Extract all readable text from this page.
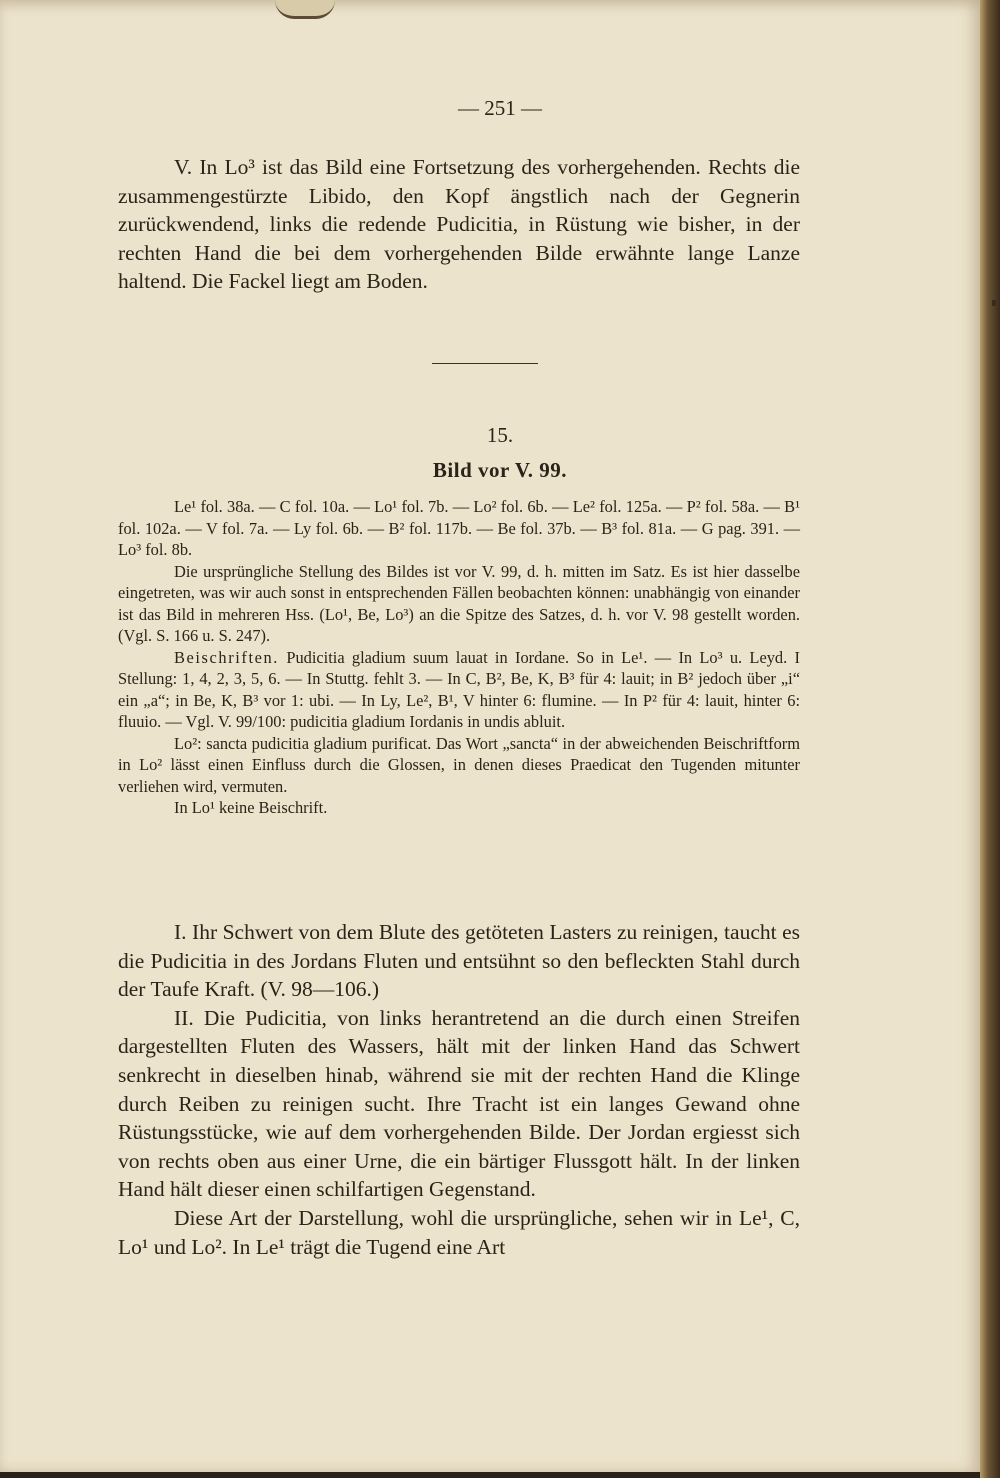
— 251 —

V. In Lo³ ist das Bild eine Fortsetzung des vorhergehenden. Rechts die zusammengestürzte Libido, den Kopf ängstlich nach der Gegnerin zurückwendend, links die redende Pudicitia, in Rüstung wie bisher, in der rechten Hand die bei dem vorhergehenden Bilde erwähnte lange Lanze haltend. Die Fackel liegt am Boden.

15.
Bild vor V. 99.

Le¹ fol. 38a. — C fol. 10a. — Lo¹ fol. 7b. — Lo² fol. 6b. — Le² fol. 125a. — P² fol. 58a. — B¹ fol. 102a. — V fol. 7a. — Ly fol. 6b. — B² fol. 117b. — Be fol. 37b. — B³ fol. 81a. — G pag. 391. — Lo³ fol. 8b.

Die ursprüngliche Stellung des Bildes ist vor V. 99, d. h. mitten im Satz. Es ist hier dasselbe eingetreten, was wir auch sonst in entsprechenden Fällen beobachten können: unabhängig von einander ist das Bild in mehreren Hss. (Lo¹, Be, Lo³) an die Spitze des Satzes, d. h. vor V. 98 gestellt worden. (Vgl. S. 166 u. S. 247).

Beischriften. Pudicitia gladium suum lauat in Iordane. So in Le¹. — In Lo³ u. Leyd. I Stellung: 1, 4, 2, 3, 5, 6. — In Stuttg. fehlt 3. — In C, B², Be, K, B³ für 4: lauit; in B² jedoch über „i“ ein „a“; in Be, K, B³ vor 1: ubi. — In Ly, Le², B¹, V hinter 6: flumine. — In P² für 4: lauit, hinter 6: fluuio. — Vgl. V. 99/100: pudicitia gladium Iordanis in undis abluit.

Lo²: sancta pudicitia gladium purificat. Das Wort „sancta“ in der abweichenden Beischriftform in Lo² lässt einen Einfluss durch die Glossen, in denen dieses Praedicat den Tugenden mitunter verliehen wird, vermuten.

In Lo¹ keine Beischrift.

I. Ihr Schwert von dem Blute des getöteten Lasters zu reinigen, taucht es die Pudicitia in des Jordans Fluten und entsühnt so den befleckten Stahl durch der Taufe Kraft. (V. 98—106.)

II. Die Pudicitia, von links herantretend an die durch einen Streifen dargestellten Fluten des Wassers, hält mit der linken Hand das Schwert senkrecht in dieselben hinab, während sie mit der rechten Hand die Klinge durch Reiben zu reinigen sucht. Ihre Tracht ist ein langes Gewand ohne Rüstungsstücke, wie auf dem vorhergehenden Bilde. Der Jordan ergiesst sich von rechts oben aus einer Urne, die ein bärtiger Flussgott hält. In der linken Hand hält dieser einen schilfartigen Gegenstand.

Diese Art der Darstellung, wohl die ursprüngliche, sehen wir in Le¹, C, Lo¹ und Lo². In Le¹ trägt die Tugend eine Art
